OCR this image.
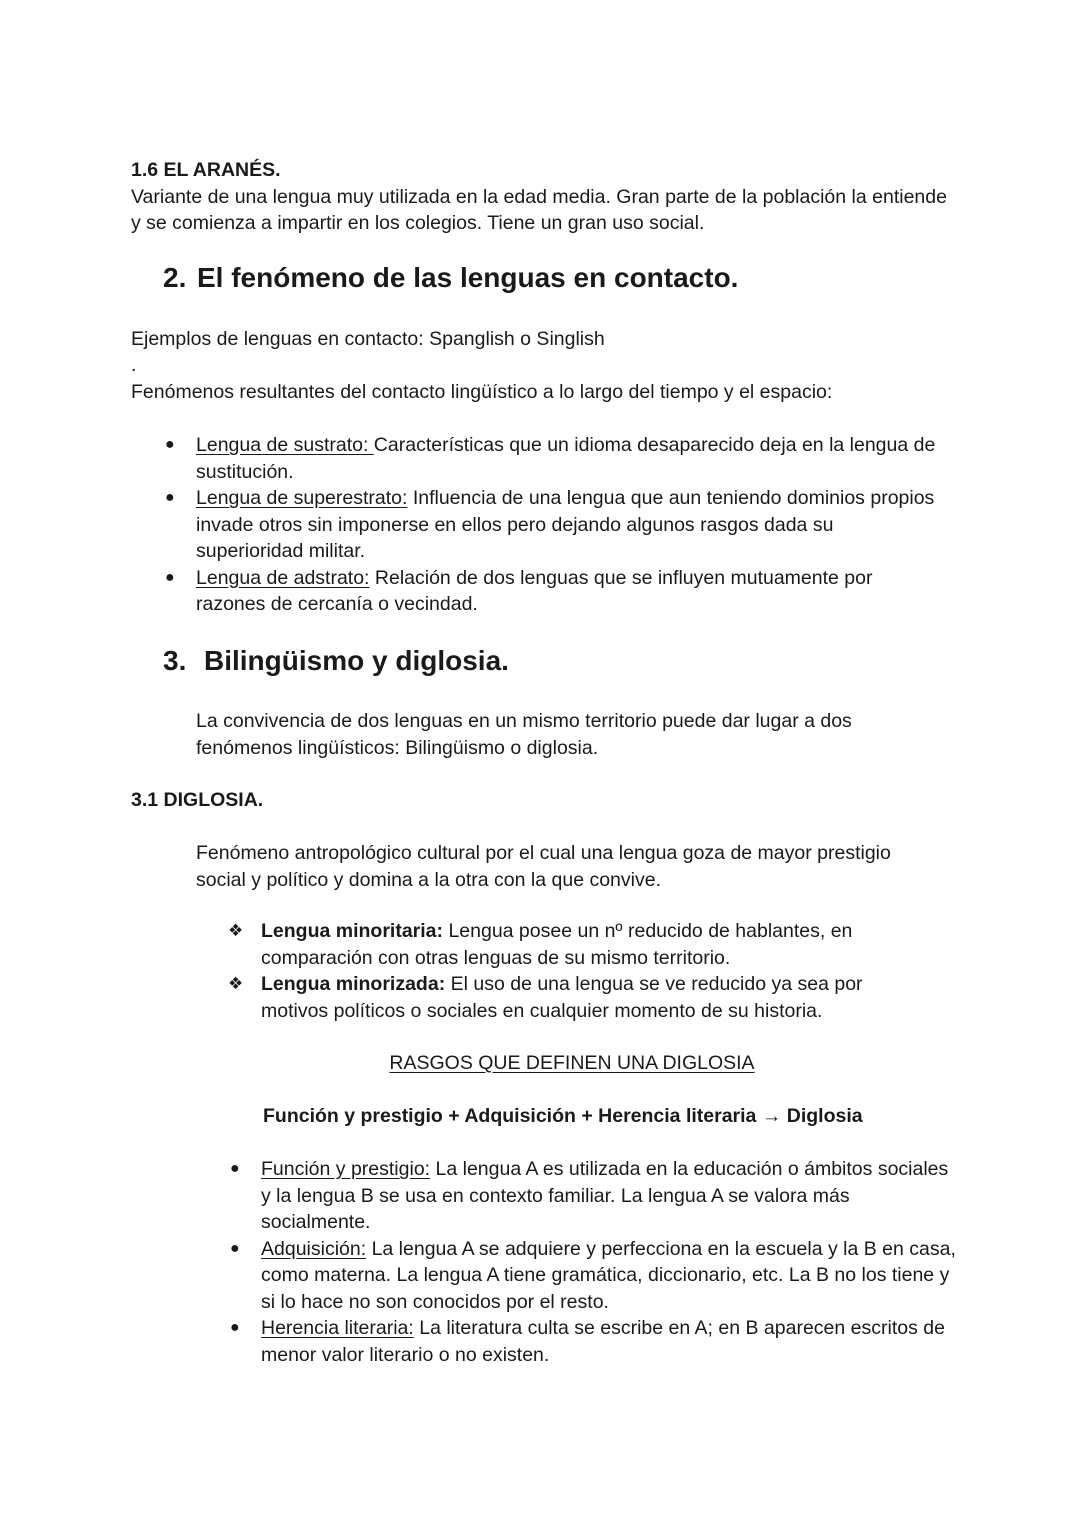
1.6 EL ARANÉS.

Variante de una lengua muy utilizada en la edad media. Gran parte de la población la entiende y se comienza a impartir en los colegios. Tiene un gran uso social.

2. El fenómeno de las lenguas en contacto.

Ejemplos de lenguas en contacto: Spanglish o Singlish

.

Fenómenos resultantes del contacto lingüístico a lo largo del tiempo y el espacio:

● Lengua de sustrato: Características que un idioma desaparecido deja en la lengua de sustitución.
● Lengua de superestrato: Influencia de una lengua que aun teniendo dominios propios invade otros sin imponerse en ellos pero dejando algunos rasgos dada su superioridad militar.
● Lengua de adstrato: Relación de dos lenguas que se influyen mutuamente por razones de cercanía o vecindad.
3. Bilingüismo y diglosia.

La convivencia de dos lenguas en un mismo territorio puede dar lugar a dos fenómenos lingüísticos: Bilingüismo o diglosia.

3.1 DIGLOSIA.

Fenómeno antropológico cultural por el cual una lengua goza de mayor prestigio social y político y domina a la otra con la que convive.

❖ Lengua minoritaria: Lengua posee un nº reducido de hablantes, en comparación con otras lenguas de su mismo territorio.
❖ Lengua minorizada: El uso de una lengua se ve reducido ya sea por motivos políticos o sociales en cualquier momento de su historia.

RASGOS QUE DEFINEN UNA DIGLOSIA

Función y prestigio + Adquisición + Herencia literaria → Diglosia

● Función y prestigio: La lengua A es utilizada en la educación o ámbitos sociales y la lengua B se usa en contexto familiar. La lengua A se valora más socialmente.
● Adquisición: La lengua A se adquiere y perfecciona en la escuela y la B en casa, como materna. La lengua A tiene gramática, diccionario, etc. La B no los tiene y si lo hace no son conocidos por el resto.
● Herencia literaria: La literatura culta se escribe en A; en B aparecen escritos de menor valor literario o no existen.
